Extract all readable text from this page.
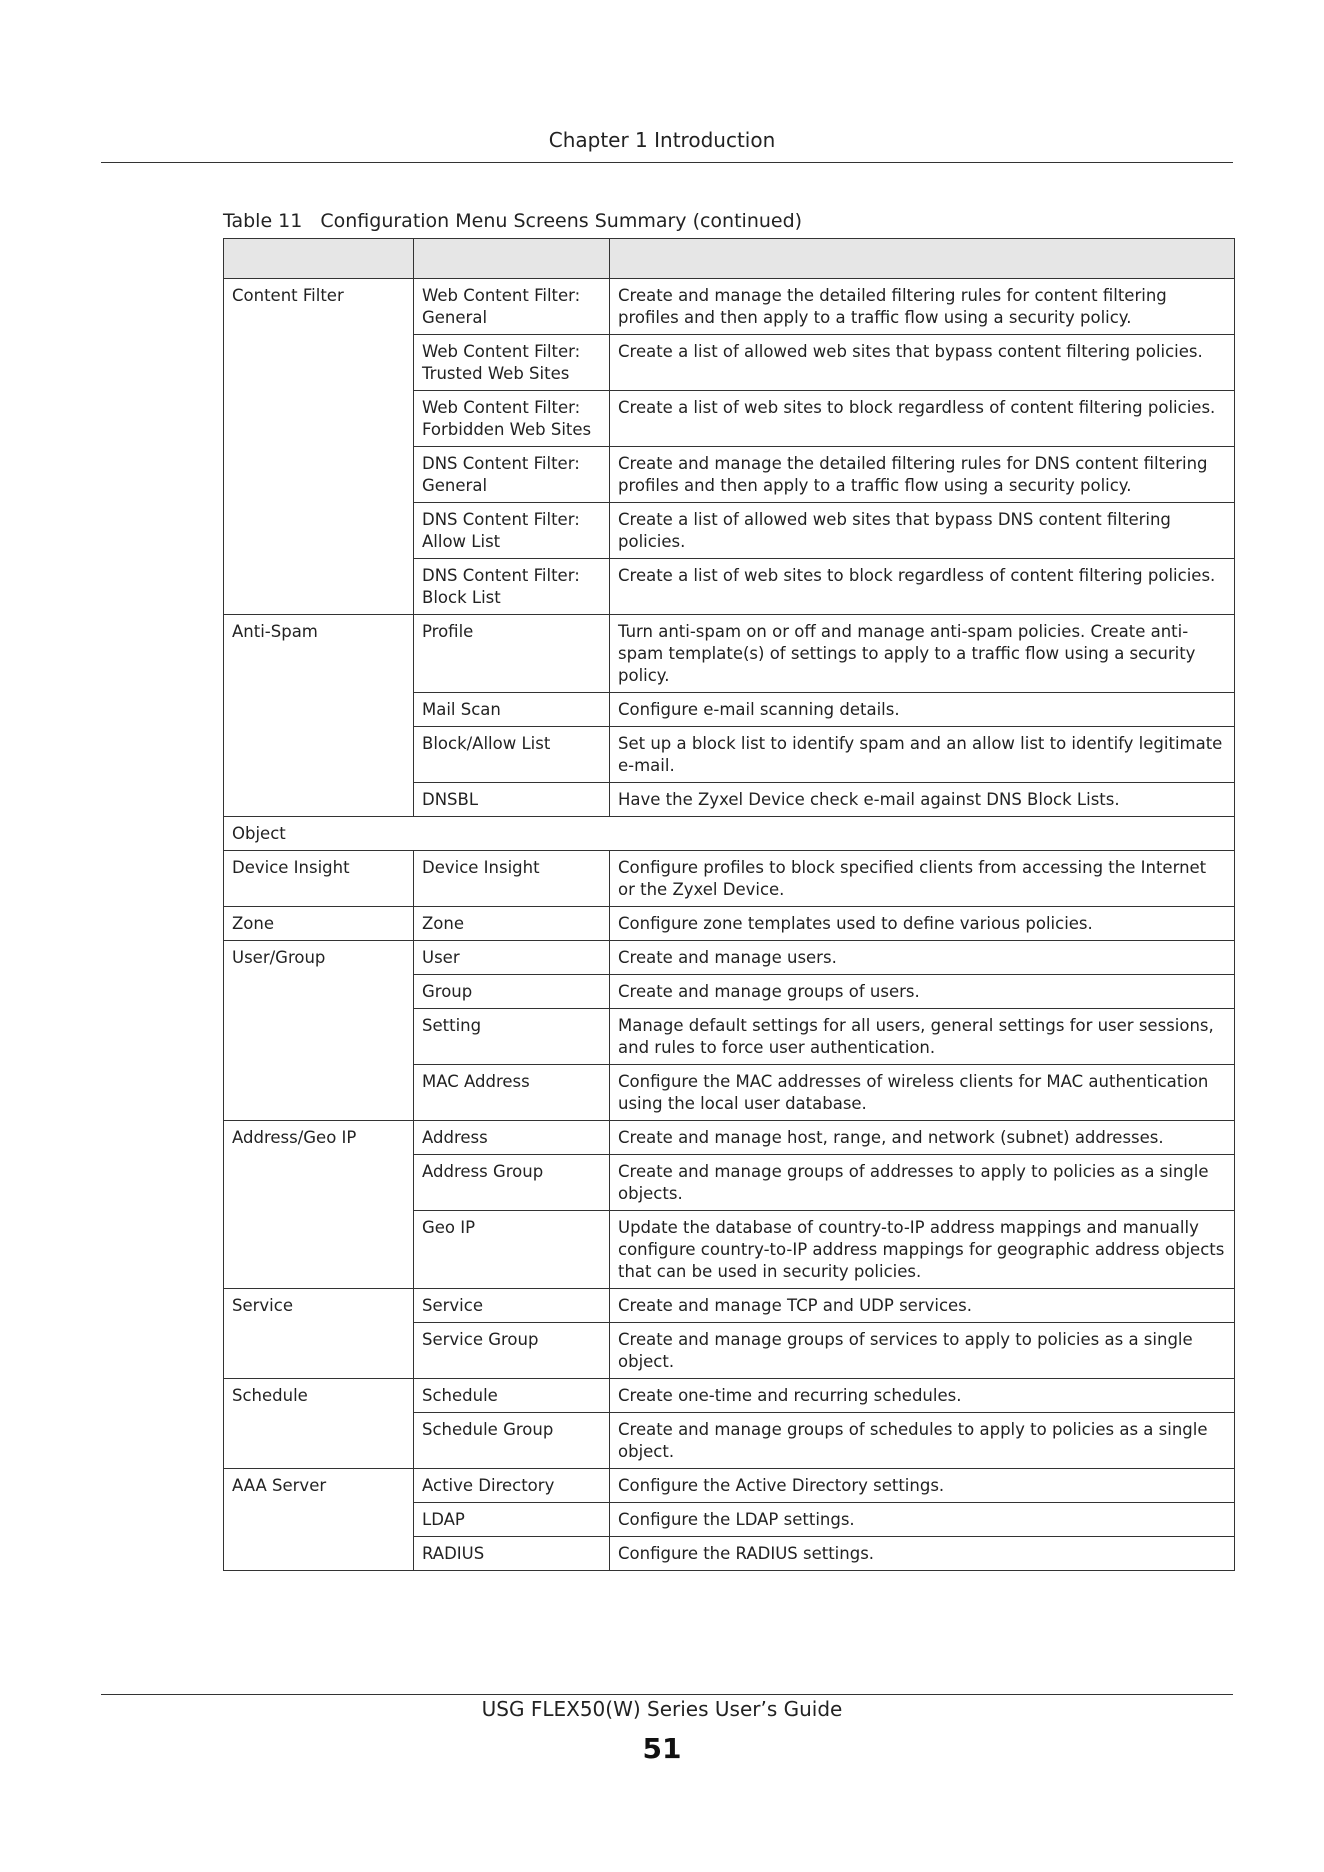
Chapter 1 Introduction
Table 11 Configuration Menu Screens Summary (continued)

Content Filter	Web Content Filter: General	Create and manage the detailed filtering rules for content filtering profiles and then apply to a traffic flow using a security policy.
	Web Content Filter: Trusted Web Sites	Create a list of allowed web sites that bypass content filtering policies.
	Web Content Filter: Forbidden Web Sites	Create a list of web sites to block regardless of content filtering policies.
	DNS Content Filter: General	Create and manage the detailed filtering rules for DNS content filtering profiles and then apply to a traffic flow using a security policy.
	DNS Content Filter: Allow List	Create a list of allowed web sites that bypass DNS content filtering policies.
	DNS Content Filter: Block List	Create a list of web sites to block regardless of content filtering policies.
Anti-Spam	Profile	Turn anti-spam on or off and manage anti-spam policies. Create anti-spam template(s) of settings to apply to a traffic flow using a security policy.
	Mail Scan	Configure e-mail scanning details.
	Block/Allow List	Set up a block list to identify spam and an allow list to identify legitimate e-mail.
	DNSBL	Have the Zyxel Device check e-mail against DNS Block Lists.
Object		
Device Insight	Device Insight	Configure profiles to block specified clients from accessing the Internet or the Zyxel Device.
Zone	Zone	Configure zone templates used to define various policies.
User/Group	User	Create and manage users.
	Group	Create and manage groups of users.
	Setting	Manage default settings for all users, general settings for user sessions, and rules to force user authentication.
	MAC Address	Configure the MAC addresses of wireless clients for MAC authentication using the local user database.
Address/Geo IP	Address	Create and manage host, range, and network (subnet) addresses.
	Address Group	Create and manage groups of addresses to apply to policies as a single objects.
	Geo IP	Update the database of country-to-IP address mappings and manually configure country-to-IP address mappings for geographic address objects that can be used in security policies.
Service	Service	Create and manage TCP and UDP services.
	Service Group	Create and manage groups of services to apply to policies as a single object.
Schedule	Schedule	Create one-time and recurring schedules.
	Schedule Group	Create and manage groups of schedules to apply to policies as a single object.
AAA Server	Active Directory	Configure the Active Directory settings.
	LDAP	Configure the LDAP settings.
	RADIUS	Configure the RADIUS settings.
USG FLEX50(W) Series User’s Guide
51
